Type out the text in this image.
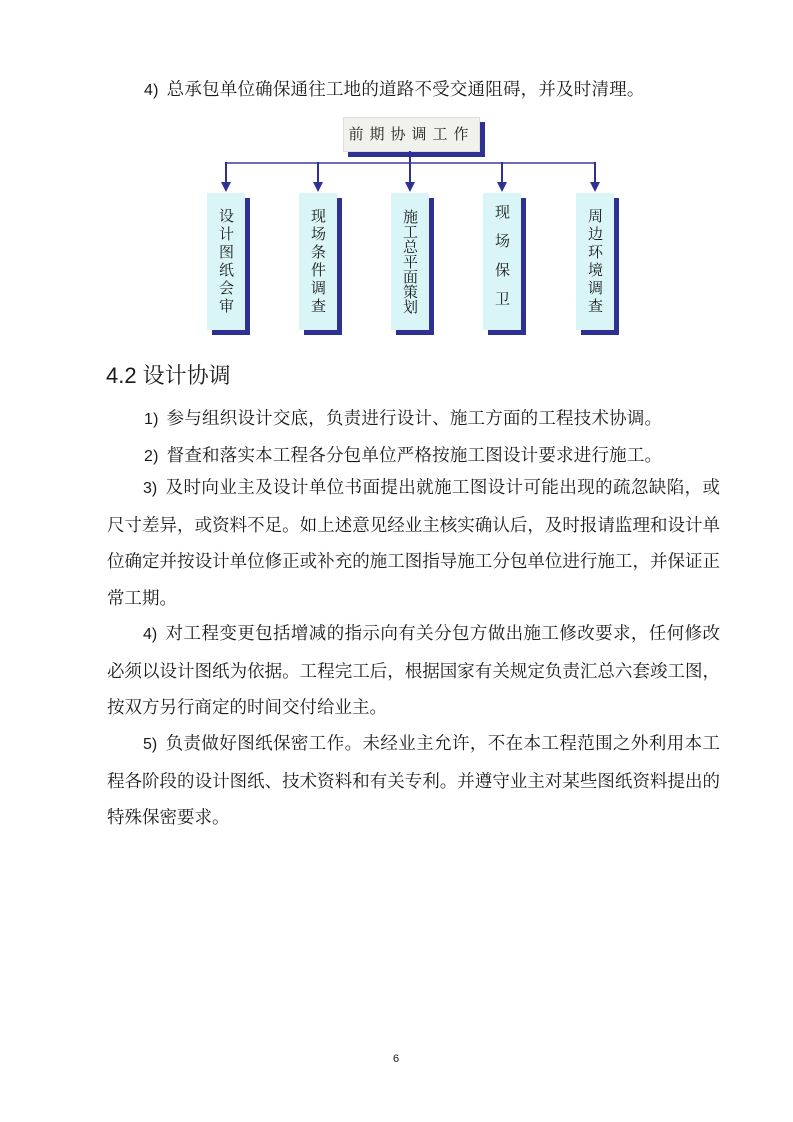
4) 总承包单位确保通往工地的道路不受交通阻碍，并及时清理。
前期协调工作
设计图纸会审	现场条件调查	施工总平面策划	现场保卫	周边环境调查
4.2 设计协调
1) 参与组织设计交底，负责进行设计、施工方面的工程技术协调。
2) 督查和落实本工程各分包单位严格按施工图设计要求进行施工。
3) 及时向业主及设计单位书面提出就施工图设计可能出现的疏忽缺陷，或尺寸差异，或资料不足。如上述意见经业主核实确认后，及时报请监理和设计单位确定并按设计单位修正或补充的施工图指导施工分包单位进行施工，并保证正常工期。
4) 对工程变更包括增减的指示向有关分包方做出施工修改要求，任何修改必须以设计图纸为依据。工程完工后，根据国家有关规定负责汇总六套竣工图，按双方另行商定的时间交付给业主。
5) 负责做好图纸保密工作。未经业主允许，不在本工程范围之外利用本工程各阶段的设计图纸、技术资料和有关专利。并遵守业主对某些图纸资料提出的特殊保密要求。
6
